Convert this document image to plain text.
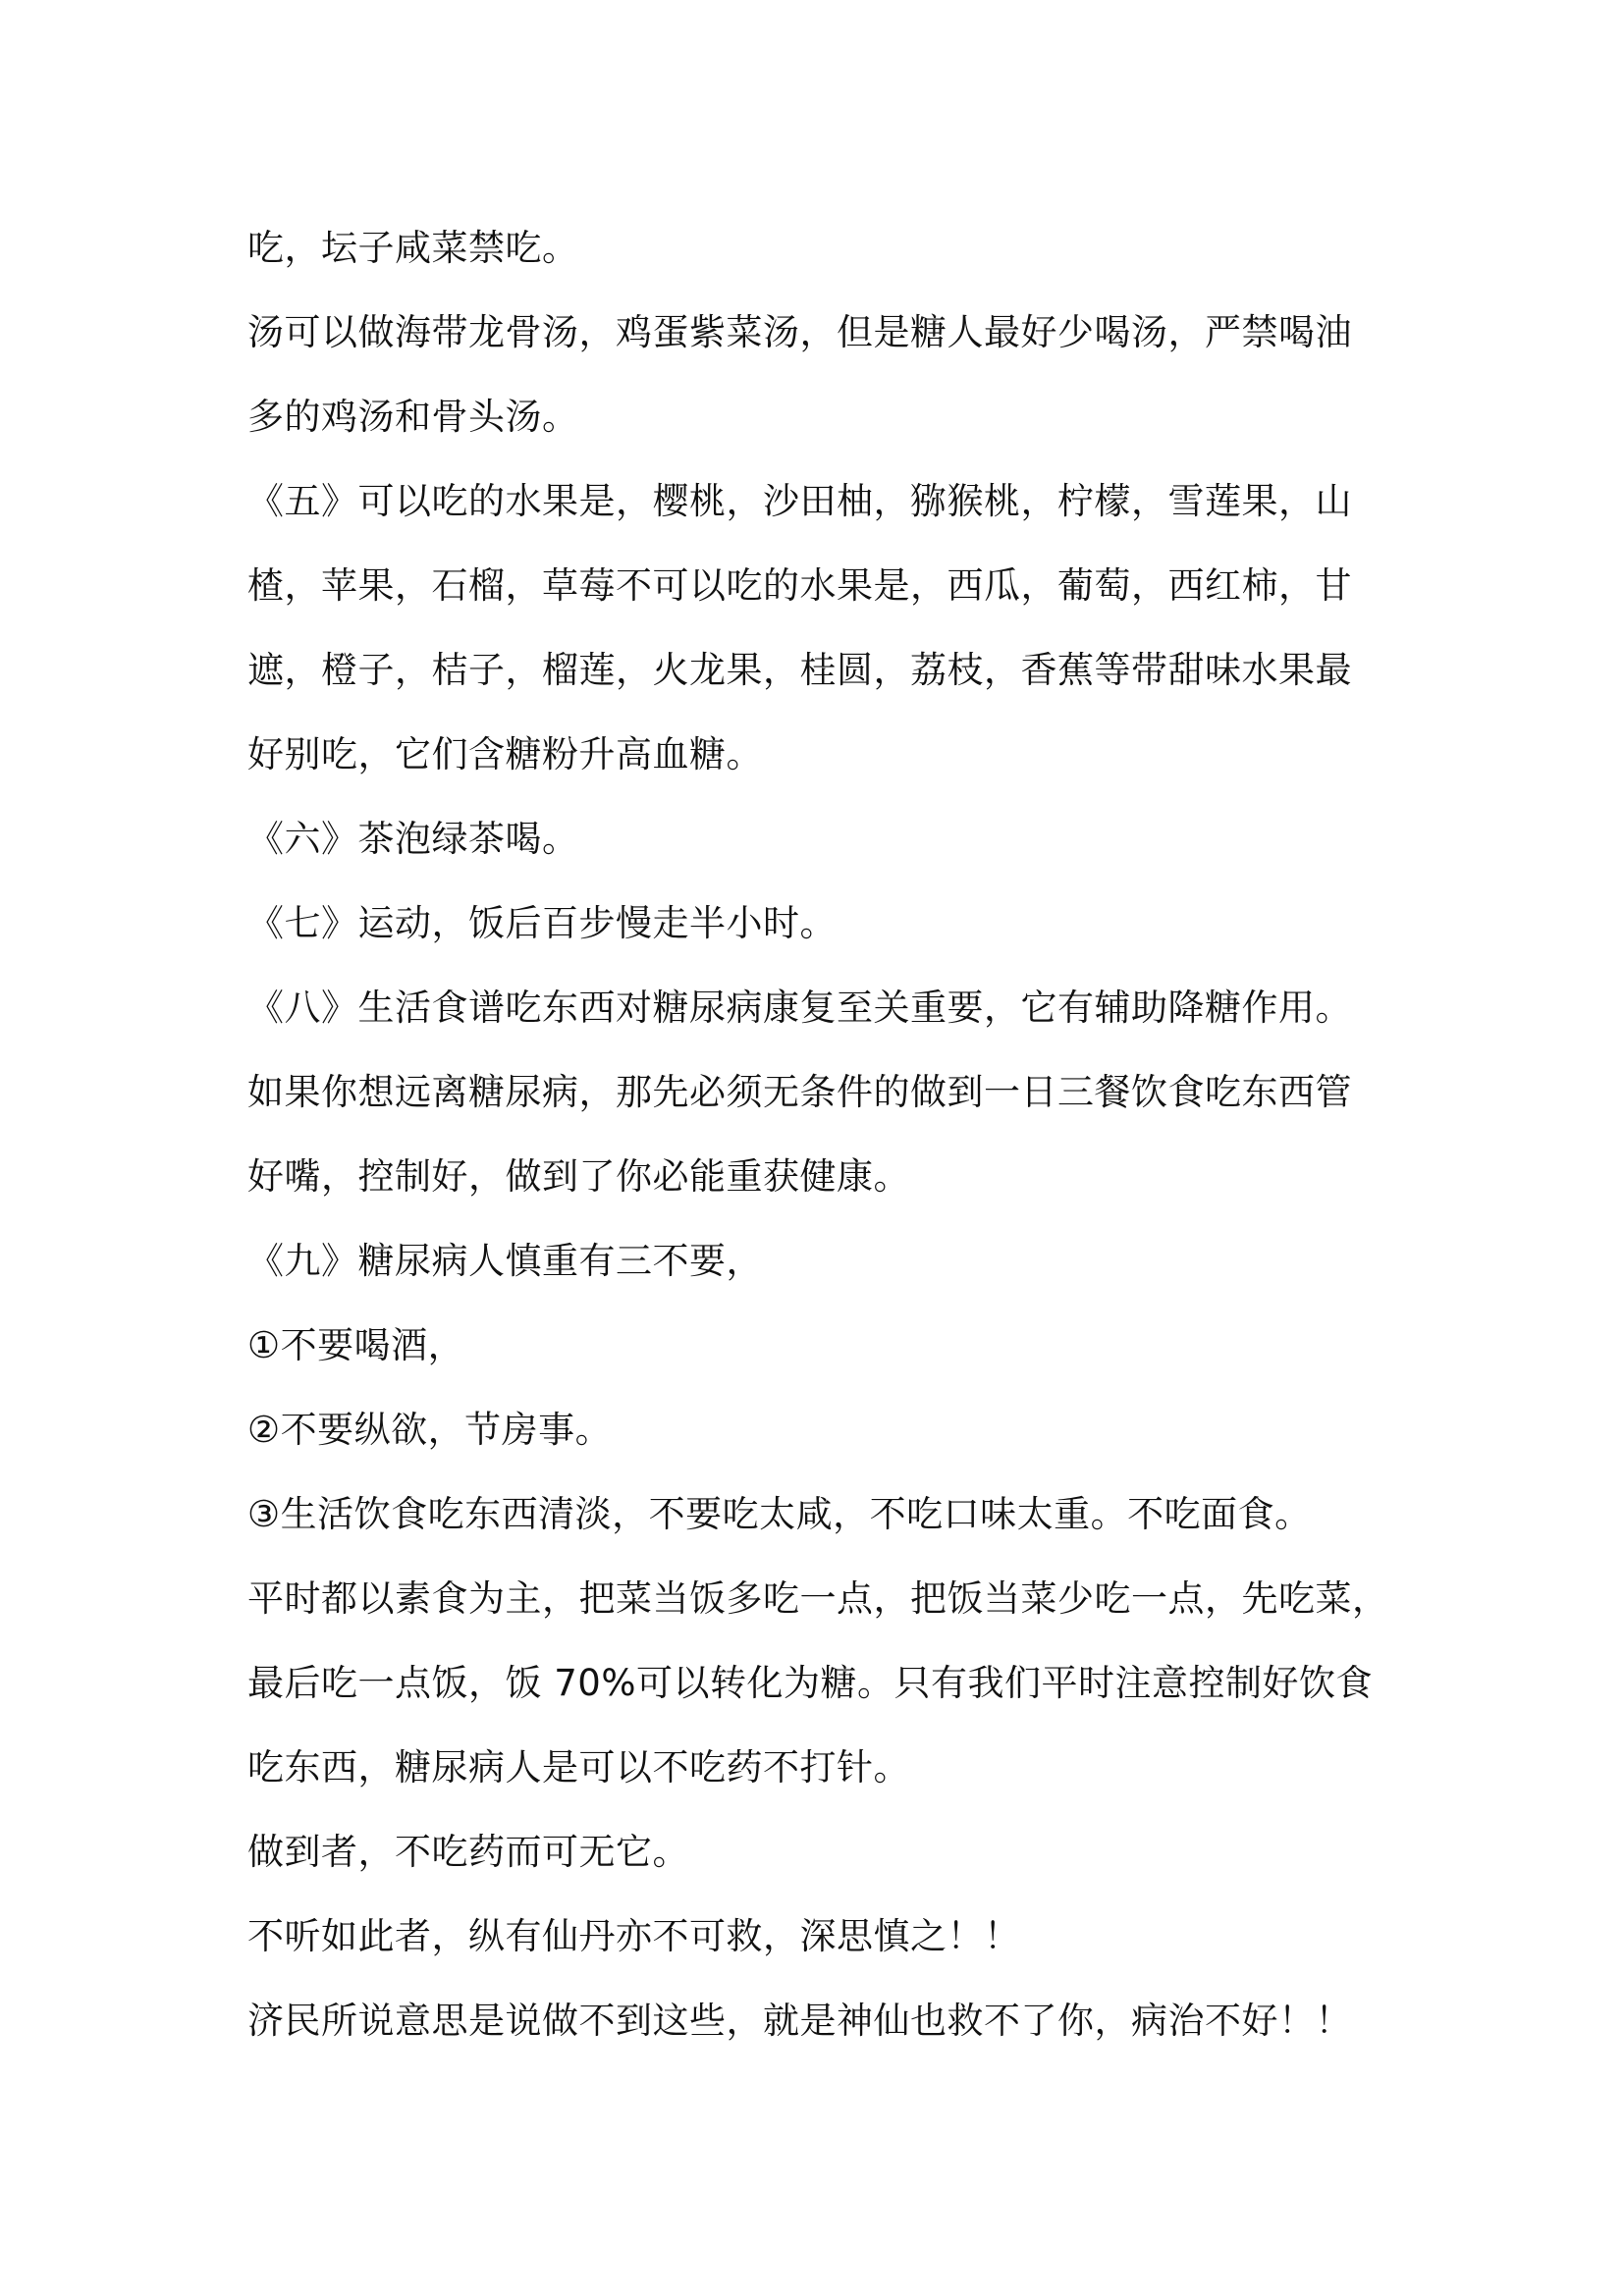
吃，坛子咸菜禁吃。
汤可以做海带龙骨汤，鸡蛋紫菜汤，但是糖人最好少喝汤，严禁喝油
多的鸡汤和骨头汤。
《五》可以吃的水果是，樱桃，沙田柚，猕猴桃，柠檬，雪莲果，山
楂，苹果，石榴，草莓不可以吃的水果是，西瓜，葡萄，西红柿，甘
遮，橙子，桔子，榴莲，火龙果，桂圆，荔枝，香蕉等带甜味水果最
好别吃，它们含糖粉升高血糖。
《六》茶泡绿茶喝。
《七》运动，饭后百步慢走半小时。
《八》生活食谱吃东西对糖尿病康复至关重要，它有辅助降糖作用。
如果你想远离糖尿病，那先必须无条件的做到一日三餐饮食吃东西管
好嘴，控制好，做到了你必能重获健康。
《九》糖尿病人慎重有三不要，
①不要喝酒，
②不要纵欲，节房事。
③生活饮食吃东西清淡，不要吃太咸，不吃口味太重。不吃面食。
平时都以素食为主，把菜当饭多吃一点，把饭当菜少吃一点，先吃菜，
最后吃一点饭，饭 70%可以转化为糖。只有我们平时注意控制好饮食
吃东西，糖尿病人是可以不吃药不打针。
做到者，不吃药而可无它。
不听如此者，纵有仙丹亦不可救，深思慎之！！
济民所说意思是说做不到这些，就是神仙也救不了你，病治不好！！
